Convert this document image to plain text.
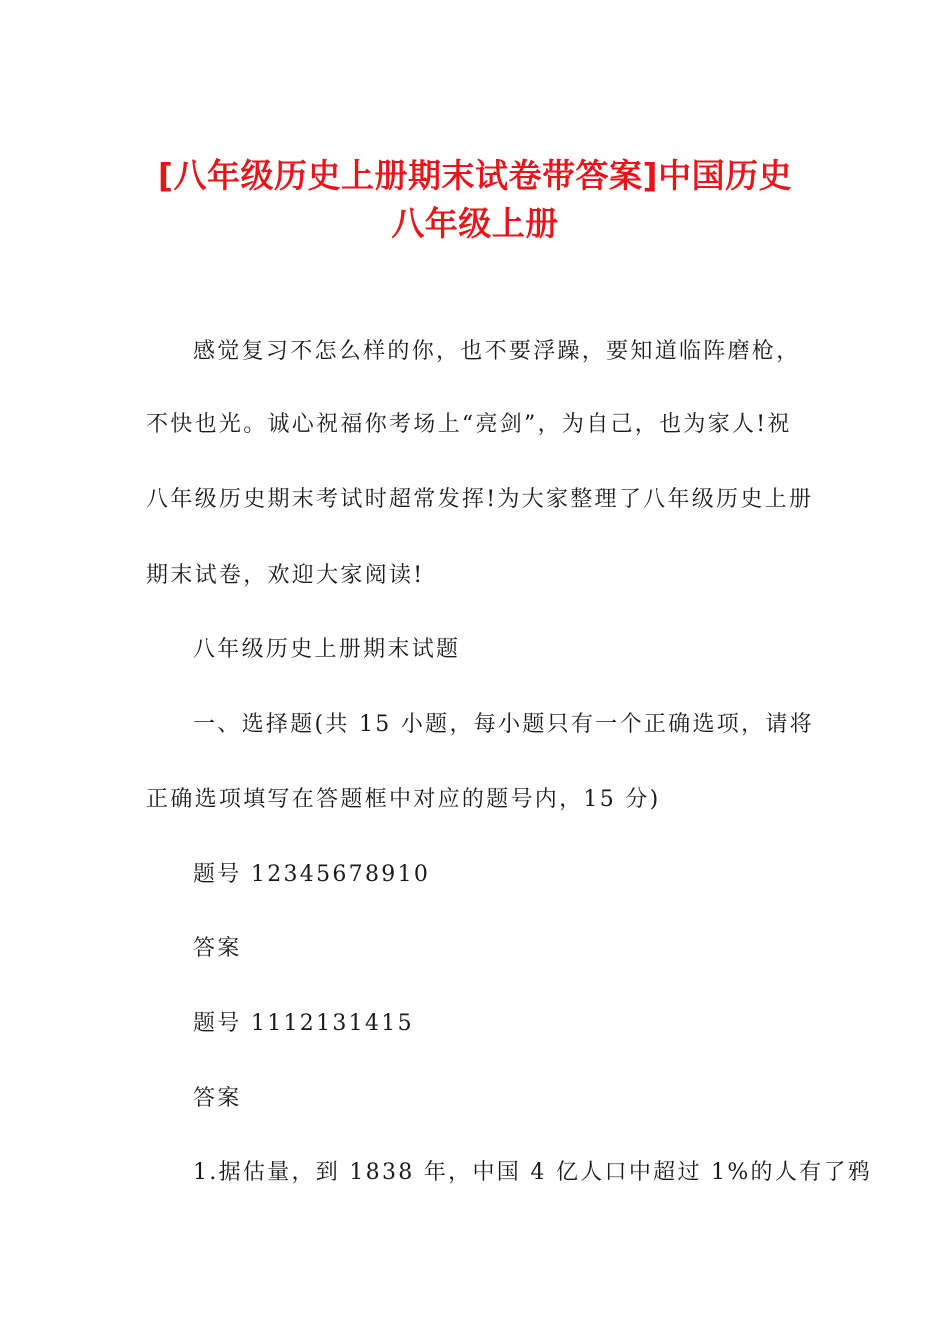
[八年级历史上册期末试卷带答案]中国历史
八年级上册
感觉复习不怎么样的你，也不要浮躁，要知道临阵磨枪，
不快也光。诚心祝福你考场上“亮剑”，为自己，也为家人!祝
八年级历史期末考试时超常发挥!为大家整理了八年级历史上册
期末试卷，欢迎大家阅读!
八年级历史上册期末试题
一、选择题(共 15 小题，每小题只有一个正确选项，请将
正确选项填写在答题框中对应的题号内，15 分)
题号 12345678910
答案
题号 1112131415
答案
1.据估量，到 1838 年，中国 4 亿人口中超过 1%的人有了鸦
